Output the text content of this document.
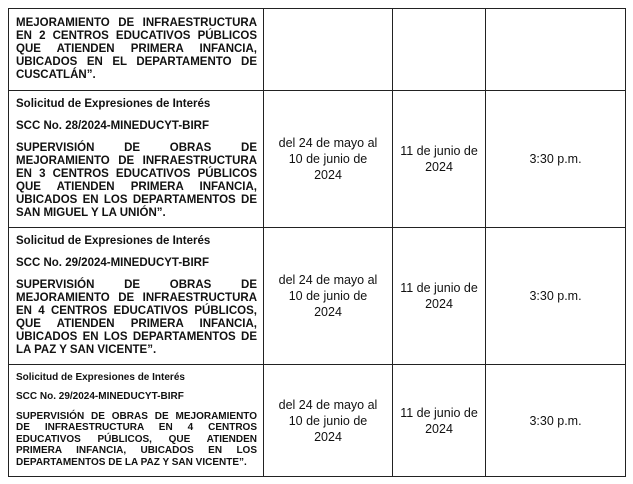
MEJORAMIENTO DE INFRAESTRUCTURA EN 2 CENTROS EDUCATIVOS PÚBLICOS QUE ATIENDEN PRIMERA INFANCIA, UBICADOS EN EL DEPARTAMENTO DE CUSCATLÁN”.			

Solicitud de Expresiones de Interés

SCC No. 28/2024-MINEDUCYT-BIRF

SUPERVISIÓN DE OBRAS DE MEJORAMIENTO DE INFRAESTRUCTURA EN 3 CENTROS EDUCATIVOS PÚBLICOS QUE ATIENDEN PRIMERA INFANCIA, UBICADOS EN LOS DEPARTAMENTOS DE SAN MIGUEL Y LA UNIÓN”.	del 24 de mayo al 10 de junio de 2024	11 de junio de 2024	3:30 p.m.

Solicitud de Expresiones de Interés

SCC No. 29/2024-MINEDUCYT-BIRF

SUPERVISIÓN DE OBRAS DE MEJORAMIENTO DE INFRAESTRUCTURA EN 4 CENTROS EDUCATIVOS PÚBLICOS, QUE ATIENDEN PRIMERA INFANCIA, UBICADOS EN LOS DEPARTAMENTOS DE LA PAZ Y SAN VICENTE”.	del 24 de mayo al 10 de junio de 2024	11 de junio de 2024	3:30 p.m.

Solicitud de Expresiones de Interés

SCC No. 29/2024-MINEDUCYT-BIRF

SUPERVISIÓN DE OBRAS DE MEJORAMIENTO DE INFRAESTRUCTURA EN 4 CENTROS EDUCATIVOS PÚBLICOS, QUE ATIENDEN PRIMERA INFANCIA, UBICADOS EN LOS DEPARTAMENTOS DE LA PAZ Y SAN VICENTE”.	del 24 de mayo al 10 de junio de 2024	11 de junio de 2024	3:30 p.m.
